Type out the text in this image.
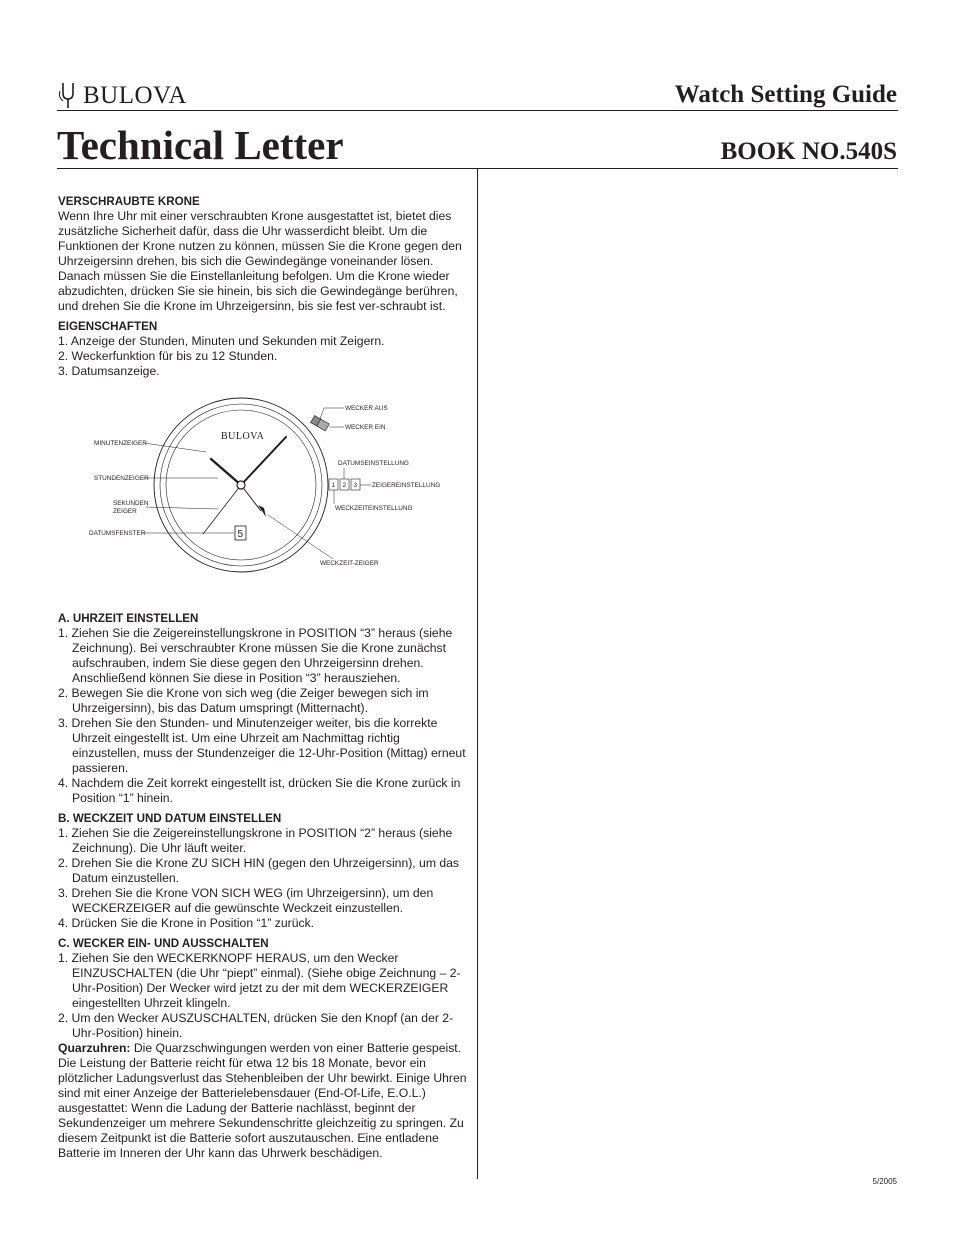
BULOVA	Watch Setting Guide
Technical Letter	BOOK NO.540S

VERSCHRAUBTE KRONE

Wenn Ihre Uhr mit einer verschraubten Krone ausgestattet ist, bietet dies zusätzliche Sicherheit dafür, dass die Uhr wasserdicht bleibt. Um die Funktionen der Krone nutzen zu können, müssen Sie die Krone gegen den Uhrzeigersinn drehen, bis sich die Gewindegänge voneinander lösen. Danach müssen Sie die Einstellanleitung befolgen. Um die Krone wieder abzudichten, drücken Sie sie hinein, bis sich die Gewindegänge berühren, und drehen Sie die Krone im Uhrzeigersinn, bis sie fest ver-schraubt ist.

EIGENSCHAFTEN

1. Anzeige der Stunden, Minuten und Sekunden mit Zeigern.
2. Weckerfunktion für bis zu 12 Stunden.
3. Datumsanzeige.
1 2 3
BULOVA
5
MINUTENZEIGER
STUNDENZEIGER
SEKUNDEN
ZEIGER
DATUMSFENSTER
WECKER AUS
WECKER EIN
DATUMSEINSTELLUNG
ZEIGEREINSTELLUNG
WECKZEITEINSTELLUNG
WECKZEIT-ZEIGER

A. UHRZEIT EINSTELLEN

1. Ziehen Sie die Zeigereinstellungskrone in POSITION “3” heraus (siehe Zeichnung). Bei verschraubter Krone müssen Sie die Krone zunächst aufschrauben, indem Sie diese gegen den Uhrzeigersinn drehen. Anschließend können Sie diese in Position “3” herausziehen.
2. Bewegen Sie die Krone von sich weg (die Zeiger bewegen sich im Uhrzeigersinn), bis das Datum umspringt (Mitternacht).
3. Drehen Sie den Stunden- und Minutenzeiger weiter, bis die korrekte Uhrzeit eingestellt ist. Um eine Uhrzeit am Nachmittag richtig einzustellen, muss der Stundenzeiger die 12-Uhr-Position (Mittag) erneut passieren.
4. Nachdem die Zeit korrekt eingestellt ist, drücken Sie die Krone zurück in Position “1” hinein.

B. WECKZEIT UND DATUM EINSTELLEN

1. Ziehen Sie die Zeigereinstellungskrone in POSITION “2” heraus (siehe Zeichnung). Die Uhr läuft weiter.
2. Drehen Sie die Krone ZU SICH HIN (gegen den Uhrzeigersinn), um das Datum einzustellen.
3. Drehen Sie die Krone VON SICH WEG (im Uhrzeigersinn), um den WECKERZEIGER auf die gewünschte Weckzeit einzustellen.
4. Drücken Sie die Krone in Position “1” zurück.

C. WECKER EIN- UND AUSSCHALTEN

1. Ziehen Sie den WECKERKNOPF HERAUS, um den Wecker EINZUSCHALTEN (die Uhr “piept” einmal). (Siehe obige Zeichnung – 2-Uhr-Position) Der Wecker wird jetzt zu der mit dem WECKERZEIGER eingestellten Uhrzeit klingeln.
2. Um den Wecker AUSZUSCHALTEN, drücken Sie den Knopf (an der 2-Uhr-Position) hinein.

Quarzuhren: Die Quarzschwingungen werden von einer Batterie gespeist. Die Leistung der Batterie reicht für etwa 12 bis 18 Monate, bevor ein plötzlicher Ladungsverlust das Stehenbleiben der Uhr bewirkt. Einige Uhren sind mit einer Anzeige der Batterielebensdauer (End-Of-Life, E.O.L.) ausgestattet: Wenn die Ladung der Batterie nachlässt, beginnt der Sekundenzeiger um mehrere Sekundenschritte gleichzeitig zu springen. Zu diesem Zeitpunkt ist die Batterie sofort auszutauschen. Eine entladene Batterie im Inneren der Uhr kann das Uhrwerk beschädigen.

5/2005
